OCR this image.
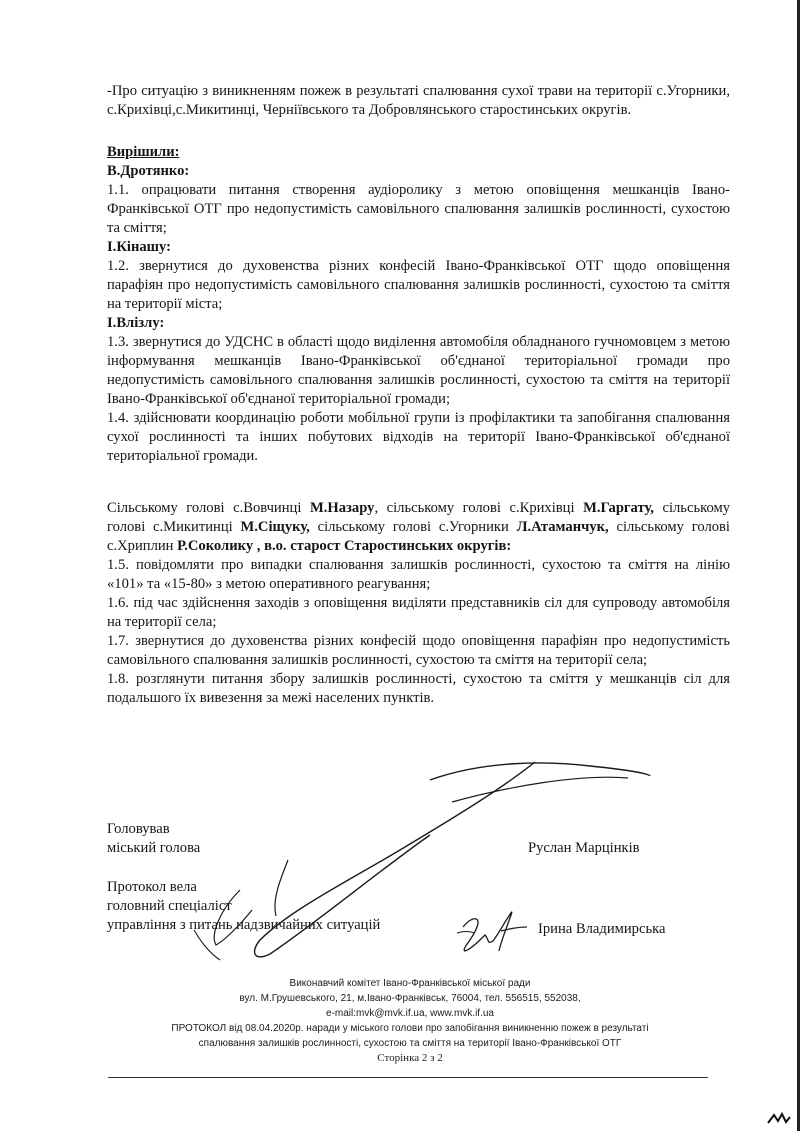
-Про ситуацію з виникненням пожеж в результаті спалювання сухої трави на території с.Угорники, с.Крихівці,с.Микитинці, Черніївського та Добровлянського старостинських округів.

Вирішили:

В.Дротянко:

1.1. опрацювати питання створення аудіоролику з метою оповіщення мешканців Івано-Франківської ОТГ про недопустимість самовільного спалювання залишків рослинності, сухостою та сміття;

І.Кінашу:

1.2. звернутися до духовенства різних конфесій Івано-Франківської ОТГ щодо оповіщення парафіян про недопустимість самовільного спалювання залишків рослинності, сухостою та сміття на території міста;

І.Влізлу:

1.3. звернутися до УДСНС в області щодо виділення автомобіля обладнаного гучномовцем з метою інформування мешканців Івано-Франківської об'єднаної територіальної громади про недопустимість самовільного спалювання залишків рослинності, сухостою та сміття на території Івано-Франківської об'єднаної територіальної громади;

1.4. здійснювати координацію роботи мобільної групи із профілактики та запобігання спалювання сухої рослинності та інших побутових відходів на території Івано-Франківської об'єднаної територіальної громади.

Сільському голові с.Вовчинці М.Назару, сільському голові с.Крихівці М.Гаргату, сільському голові с.Микитинці М.Сіщуку, сільському голові с.Угорники Л.Атаманчук, сільському голові с.Хриплин Р.Соколику , в.о. старост Старостинських округів:

1.5. повідомляти про випадки спалювання залишків рослинності, сухостою та сміття на лінію «101» та «15-80» з метою оперативного реагування;

1.6. під час здійснення заходів з оповіщення виділяти представників сіл для супроводу автомобіля на території села;

1.7. звернутися до духовенства різних конфесій щодо оповіщення парафіян про недопустимість самовільного спалювання залишків рослинності, сухостою та сміття на території села;

1.8. розглянути питання збору залишків рослинності, сухостою та сміття у мешканців сіл для подальшого їх вивезення за межі населених пунктів.

Головував
міський голова	Руслан Марцінків
Протокол вела
головний спеціаліст
управління з питань надзвичайних ситуацій	Ірина Владимирська
Виконавчий комітет Івано-Франківської міської ради
вул. М.Грушевського, 21, м.Івано-Франківськ, 76004, тел. 556515, 552038,
e-mail:mvk@mvk.if.ua, www.mvk.if.ua
ПРОТОКОЛ від 08.04.2020р. наради у міського голови про запобігання виникненню пожеж в результаті
спалювання залишків рослинності, сухостою та сміття на території Івано-Франківської ОТГ
Сторінка 2 з 2
